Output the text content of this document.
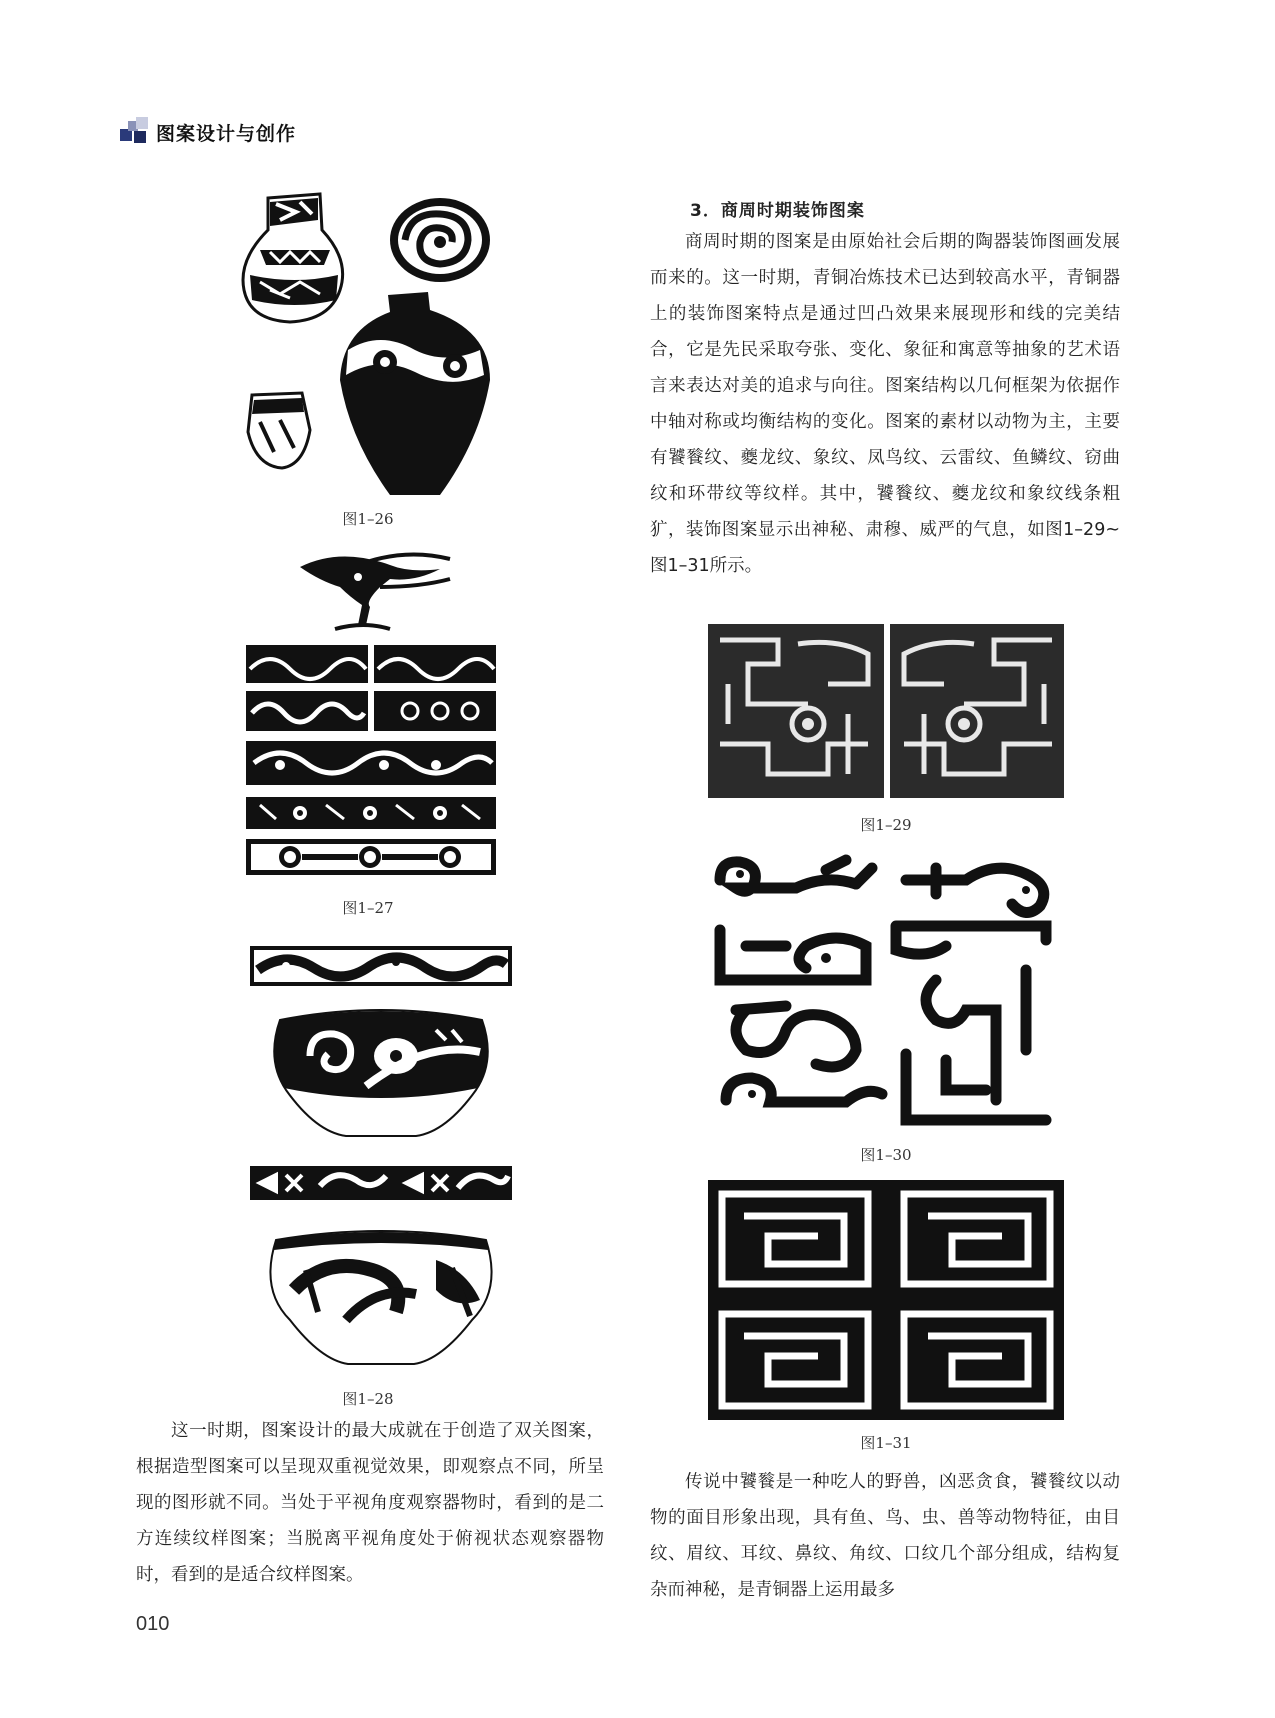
图案设计与创作
图1–26
图1–27
图1–28

这一时期，图案设计的最大成就在于创造了双关图案，根据造型图案可以呈现双重视觉效果，即观察点不同，所呈现的图形就不同。当处于平视角度观察器物时，看到的是二方连续纹样图案；当脱离平视角度处于俯视状态观察器物时，看到的是适合纹样图案。

3．商周时期装饰图案

商周时期的图案是由原始社会后期的陶器装饰图画发展而来的。这一时期，青铜冶炼技术已达到较高水平，青铜器上的装饰图案特点是通过凹凸效果来展现形和线的完美结合，它是先民采取夸张、变化、象征和寓意等抽象的艺术语言来表达对美的追求与向往。图案结构以几何框架为依据作中轴对称或均衡结构的变化。图案的素材以动物为主，主要有饕餮纹、夔龙纹、象纹、凤鸟纹、云雷纹、鱼鳞纹、窃曲纹和环带纹等纹样。其中，饕餮纹、夔龙纹和象纹线条粗犷，装饰图案显示出神秘、肃穆、威严的气息，如图1–29~图1–31所示。

图1–29
图1–30
图1–31

传说中饕餮是一种吃人的野兽，凶恶贪食，饕餮纹以动物的面目形象出现，具有鱼、鸟、虫、兽等动物特征，由目纹、眉纹、耳纹、鼻纹、角纹、口纹几个部分组成，结构复杂而神秘，是青铜器上运用最多

010
